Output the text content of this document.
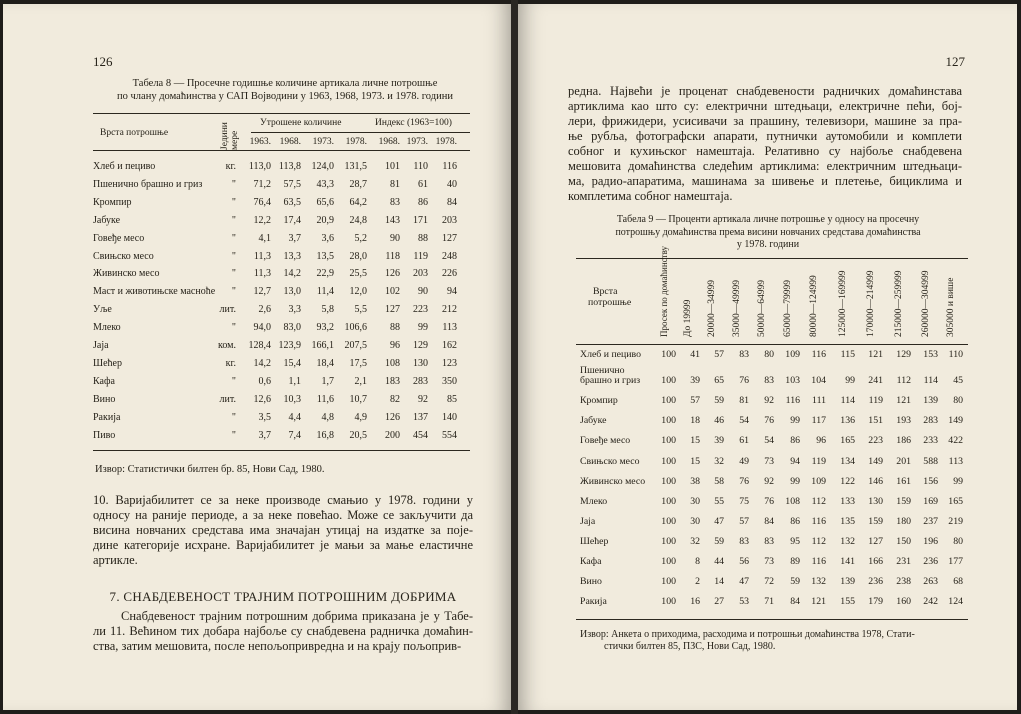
126
Табела 8 — Просечне годишње количине артикала личне потрошње
по члану домаћинства у САП Војводини у 1963, 1968, 1973. и 1978. години
Врста потрошње	Једини мере
Утрошене количине	Индекс (1963=100)
1963. 1968.	1973.	1978.	1968. 1973. 1978.
Хлеб и пециво	кг.	113,0 113,8	124,0	131,5	101	110	116
Пшенично брашно и гриз	"	71,2	57,5	43,3	28,7	81	61	40
Кромпир	"	76,4	63,5	65,6	64,2	83	86	84
Јабуке	"	12,2	17,4	20,9	24,8	143	171	203
Говеђе месо	"	4,1	3,7	3,6	5,2	90	88	127
Свињско месо	"	11,3	13,3	13,5	28,0	118	119	248
Живинско месо	"	11,3	14,2	22,9	25,5	126	203	226
Маст и животињске масноће	"	12,7	13,0	11,4	12,0	102	90	94
Уље	лит.	2,6	3,3	5,8	5,5	127	223	212
Млеко	"	94,0	83,0	93,2	106,6	88	99	113
Јаја	ком.	128,4 123,9	166,1	207,5	96	129	162
Шећер	кг.	14,2	15,4	18,4	17,5	108	130	123
Кафа	"	0,6	1,1	1,7	2,1	183	283	350
Вино	лит.	12,6	10,3	11,6	10,7	82	92	85
Ракија	"	3,5	4,4	4,8	4,9	126	137	140
Пиво	"	3,7	7,4	16,8	20,5	200	454	554
Извор: Статистички билтен бр. 85, Нови Сад, 1980.
10. Варијабилитет се за неке производе смањио у 1978. години у
односу на раније периоде, а за неке повећао. Може се закључити да
висина новчаних средстава има значајан утицај на издатке за поје-
дине категорије исхране. Варијабилитет је мањи за мање еластичне
артикле.
7. СНАБДЕВЕНОСТ ТРАЈНИМ ПОТРОШНИМ ДОБРИМА
Снабдевеност трајним потрошним добрима приказана је у Табе-
ли 11. Већином тих добара најбоље су снабдевена радничка домаћин-
ства, затим мешовита, после непољопривредна и на крају пољоприв-
127
редна. Највећи је проценат снабдевености радничких домаћинстава
артиклима као што су: електрични штедњаци, електричне пећи, бој-
лери, фрижидери, усисивачи за прашину, телевизори, машине за пра-
ње рубља, фотографски апарати, путнички аутомобили и комплети
собног и кухињског намештаја. Релативно су најбоље снабдевена
мешовита домаћинства следећим артиклима: електричним штедњаци-
ма, радио-апаратима, машинама за шивење и плетење, бициклима и
комплетима собног намештаја.
Табела 9 — Проценти артикала личне потрошње у односу на просечну
потрошњу домаћинства према висини новчаних средстава домаћинства
у 1978. години
Врста
потрошње	Просек по домаћинству До 19999 20000—34999 35000—49999 50000—64999 65000—79999 80000—124999 125000—169999 170000—214999 215000—259999 260000—304999 305000 и више
Хлеб и пециво	100	41	57	83	80	109	116	115	121	129	153	110
Пшенично
брашно и гриз	100	39	65	76	83	103	104	99	241	112	114	45
Кромпир	100	57	59	81	92	116	111	114	119	121	139	80
Јабуке	100	18	46	54	76	99	117	136	151	193	283	149
Говеђе месо	100	15	39	61	54	86	96	165	223	186	233	422
Свињско месо	100	15	32	49	73	94	119	134	149	201	588	113
Живинско месо	100	38	58	76	92	99	109	122	146	161	156	99
Млеко	100	30	55	75	76	108	112	133	130	159	169	165
Јаја	100	30	47	57	84	86	116	135	159	180	237	219
Шећер	100	32	59	83	83	95	112	132	127	150	196	80
Кафа	100	8	44	56	73	89	116	141	166	231	236	177
Вино	100	2	14	47	72	59	132	139	236	238	263	68
Ракија	100	16	27	53	71	84	121	155	179	160	242	124
Извор: Анкета о приходима, расходима и потрошњи домаћинства 1978, Стати-
стички билтен 85, ПЗС, Нови Сад, 1980.
